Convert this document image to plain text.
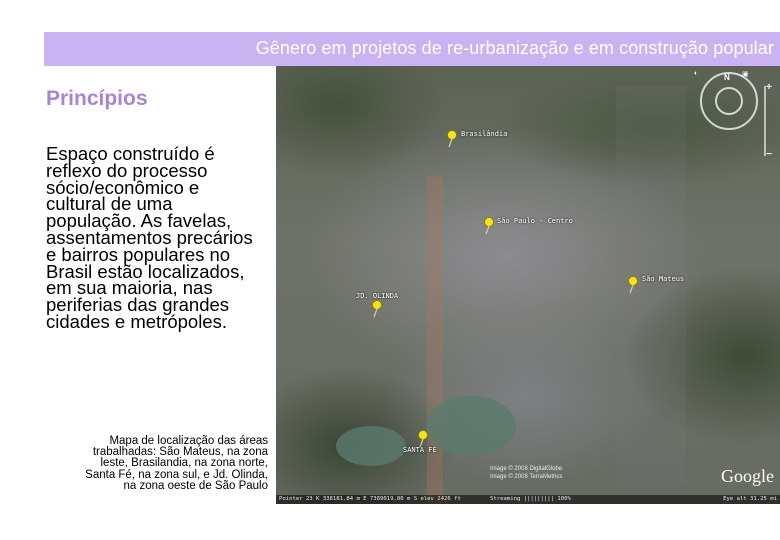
Gênero em projetos de re-urbanização e em construção popular
Princípios
Espaço construído é
reflexo do processo
sócio/econômico e
cultural de uma
população. As favelas,
assentamentos precários
e bairros populares no
Brasil estão localizados,
em sua maioria, nas
periferias das grandes
cidades e metrópoles.
Mapa de localização das áreas
trabalhadas: São Mateus, na zona
leste, Brasilandia, na zona norte,
Santa Fé, na zona sul, e Jd. Olinda,
na zona oeste de São Paulo
Brasilândia
São Paulo - Centro
São Mateus
JD. OLINDA
SANTA FÉ
N
◐	▣
+
−
Image © 2008 DigitalGlobe
Image © 2008 TerraMetrics	Google
Pointer 23 K 338181.84 m E 7389019.80 m S elev 2426 ft	Streaming ||||||||| 100%	Eye alt 31.25 mi
